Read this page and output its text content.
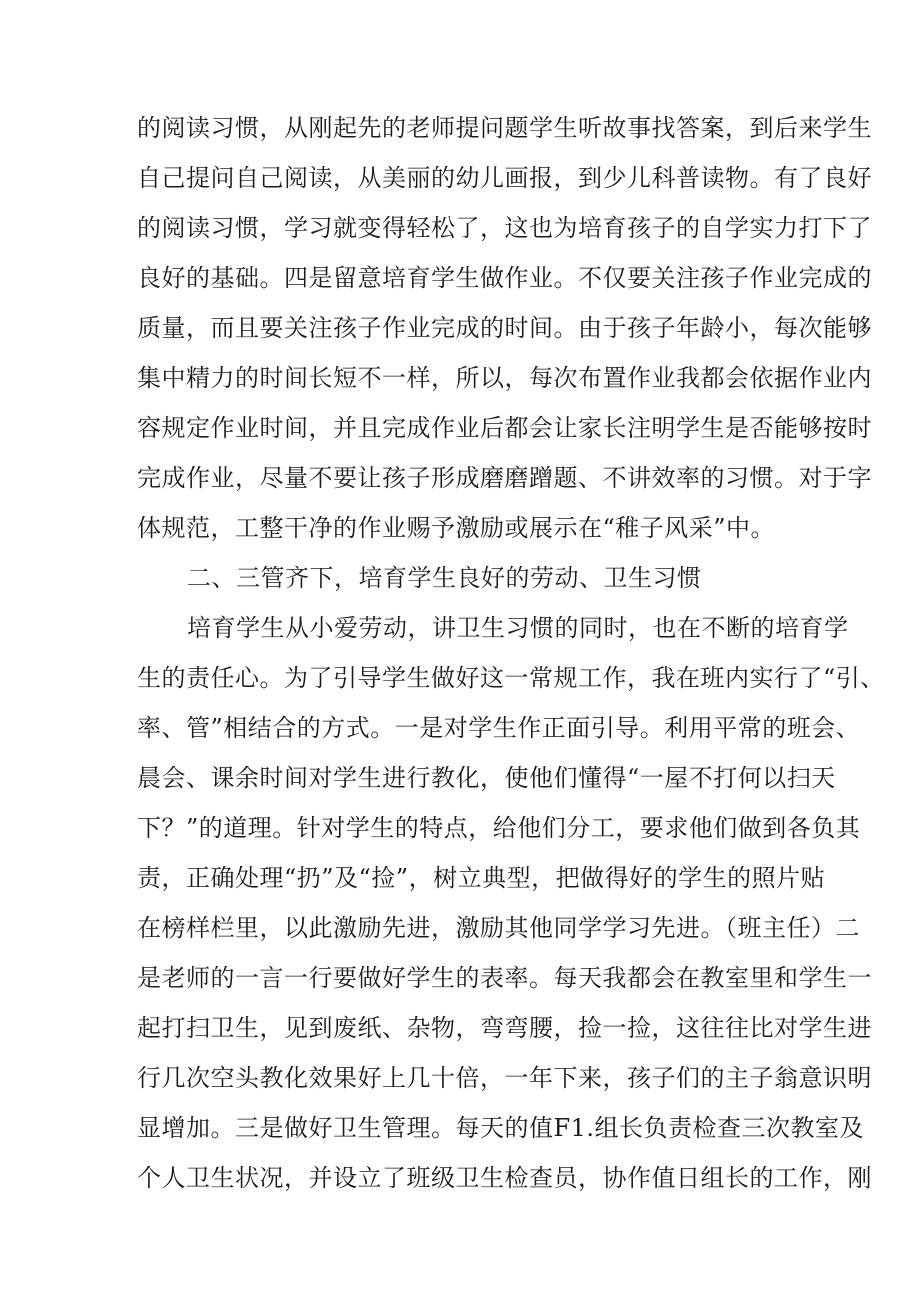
的阅读习惯，从刚起先的老师提问题学生听故事找答案，到后来学生
自己提问自己阅读，从美丽的幼儿画报，到少儿科普读物。有了良好
的阅读习惯，学习就变得轻松了，这也为培育孩子的自学实力打下了
良好的基础。四是留意培育学生做作业。不仅要关注孩子作业完成的
质量，而且要关注孩子作业完成的时间。由于孩子年龄小，每次能够
集中精力的时间长短不一样，所以，每次布置作业我都会依据作业内
容规定作业时间，并且完成作业后都会让家长注明学生是否能够按时
完成作业，尽量不要让孩子形成磨磨蹭题、不讲效率的习惯。对于字
体规范，工整干净的作业赐予激励或展示在“稚子风采”中。
二、三管齐下，培育学生良好的劳动、卫生习惯
培育学生从小爱劳动，讲卫生习惯的同时，也在不断的培育学
生的责任心。为了引导学生做好这一常规工作，我在班内实行了“引、
率、管”相结合的方式。一是对学生作正面引导。利用平常的班会、
晨会、课余时间对学生进行教化，使他们懂得“一屋不打何以扫天
下？”的道理。针对学生的特点，给他们分工，要求他们做到各负其
责，正确处理“扔”及“捡”，树立典型，把做得好的学生的照片贴
在榜样栏里，以此激励先进，激励其他同学学习先进。（班主任）二
是老师的一言一行要做好学生的表率。每天我都会在教室里和学生一
起打扫卫生，见到废纸、杂物，弯弯腰，捡一捡，这往往比对学生进
行几次空头教化效果好上几十倍，一年下来，孩子们的主子翁意识明
显增加。三是做好卫生管理。每天的值F1.组长负责检查三次教室及
个人卫生状况，并设立了班级卫生检查员，协作值日组长的工作，刚
